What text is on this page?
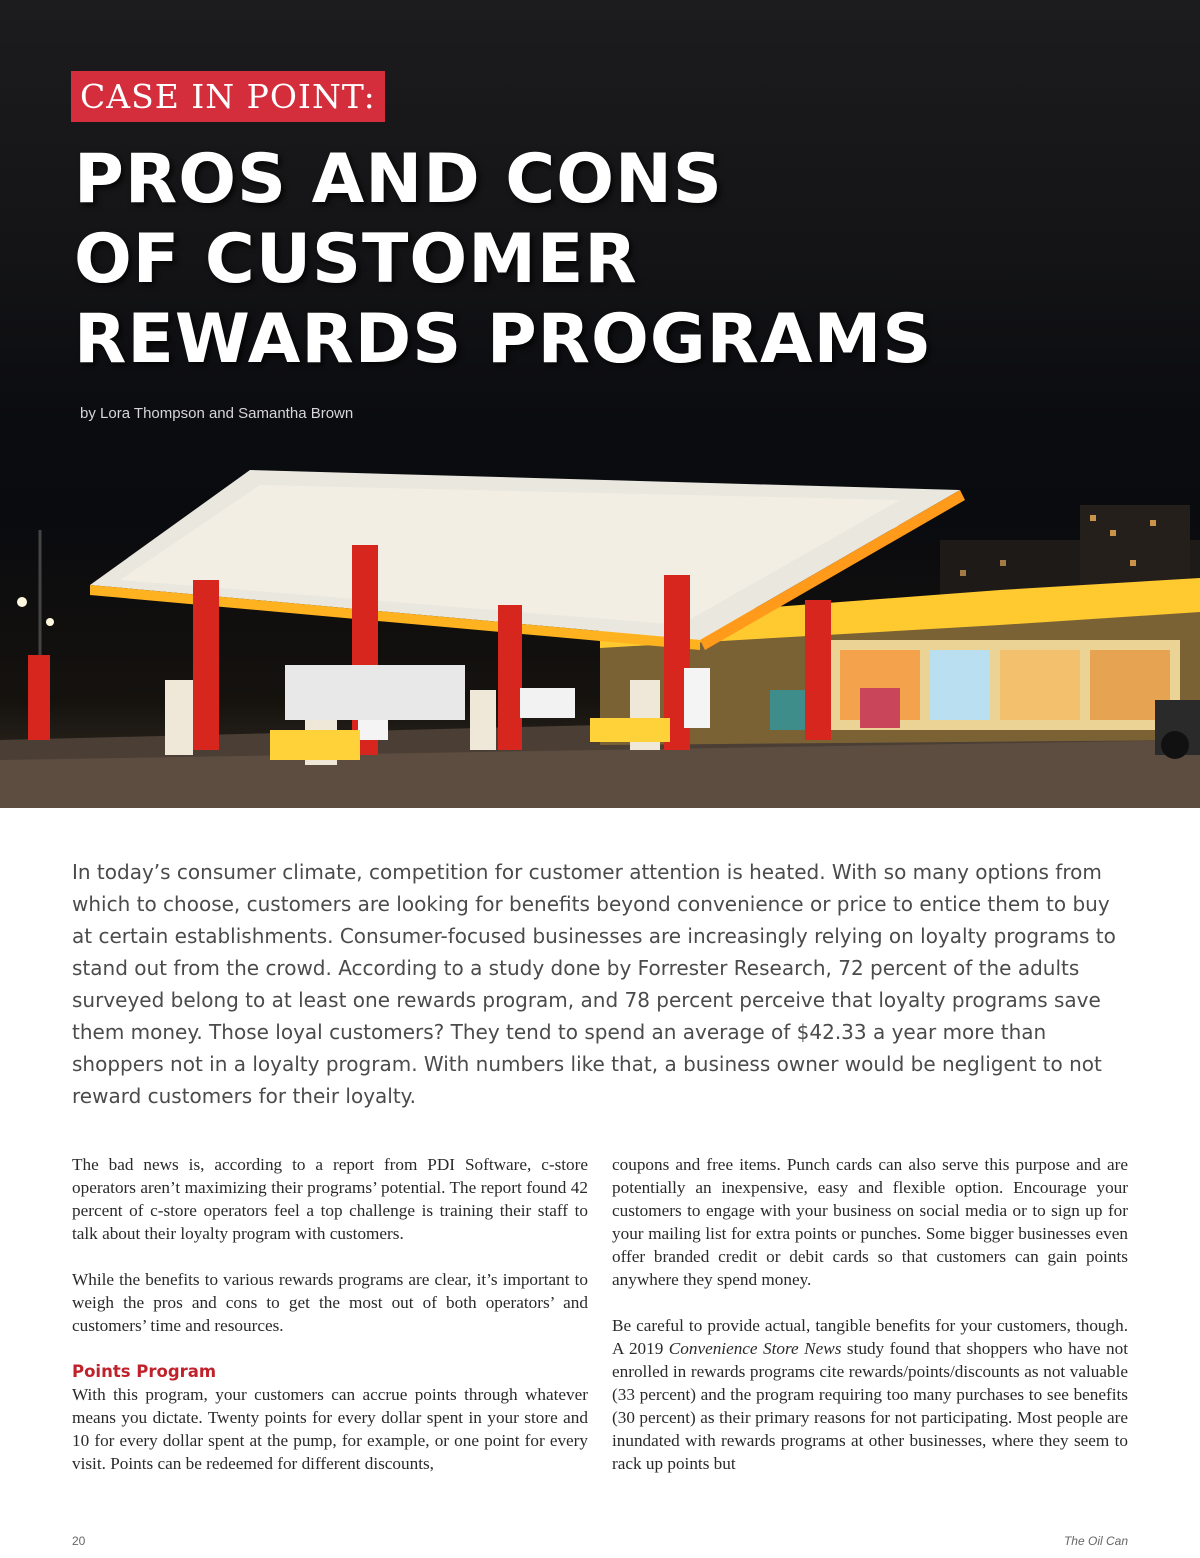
CASE IN POINT:
PROS AND CONS
OF CUSTOMER
REWARDS PROGRAMS
by Lora Thompson and Samantha Brown

In today’s consumer climate, competition for customer attention is heated. With so many options from which to choose, customers are looking for benefits beyond convenience or price to entice them to buy at certain establishments. Consumer-focused businesses are increasingly relying on loyalty programs to stand out from the crowd. According to a study done by Forrester Research, 72 percent of the adults surveyed belong to at least one rewards program, and 78 percent perceive that loyalty programs save them money. Those loyal customers? They tend to spend an average of $42.33 a year more than shoppers not in a loyalty program. With numbers like that, a business owner would be negligent to not reward customers for their loyalty.

The bad news is, according to a report from PDI Software, c-store operators aren’t maximizing their programs’ potential. The report found 42 percent of c-store operators feel a top challenge is training their staff to talk about their loyalty program with customers.

While the benefits to various rewards programs are clear, it’s important to weigh the pros and cons to get the most out of both operators’ and customers’ time and resources.

Points Program

With this program, your customers can accrue points through whatever means you dictate. Twenty points for every dollar spent in your store and 10 for every dollar spent at the pump, for example, or one point for every visit. Points can be redeemed for different discounts,

coupons and free items. Punch cards can also serve this purpose and are potentially an inexpensive, easy and flexible option. Encourage your customers to engage with your business on social media or to sign up for your mailing list for extra points or punches. Some bigger businesses even offer branded credit or debit cards so that customers can gain points anywhere they spend money.

Be careful to provide actual, tangible benefits for your customers, though. A 2019 Convenience Store News study found that shoppers who have not enrolled in rewards programs cite rewards/points/discounts as not valuable (33 percent) and the program requiring too many purchases to see benefits (30 percent) as their primary reasons for not participating. Most people are inundated with rewards programs at other businesses, where they seem to rack up points but

20	The Oil Can
